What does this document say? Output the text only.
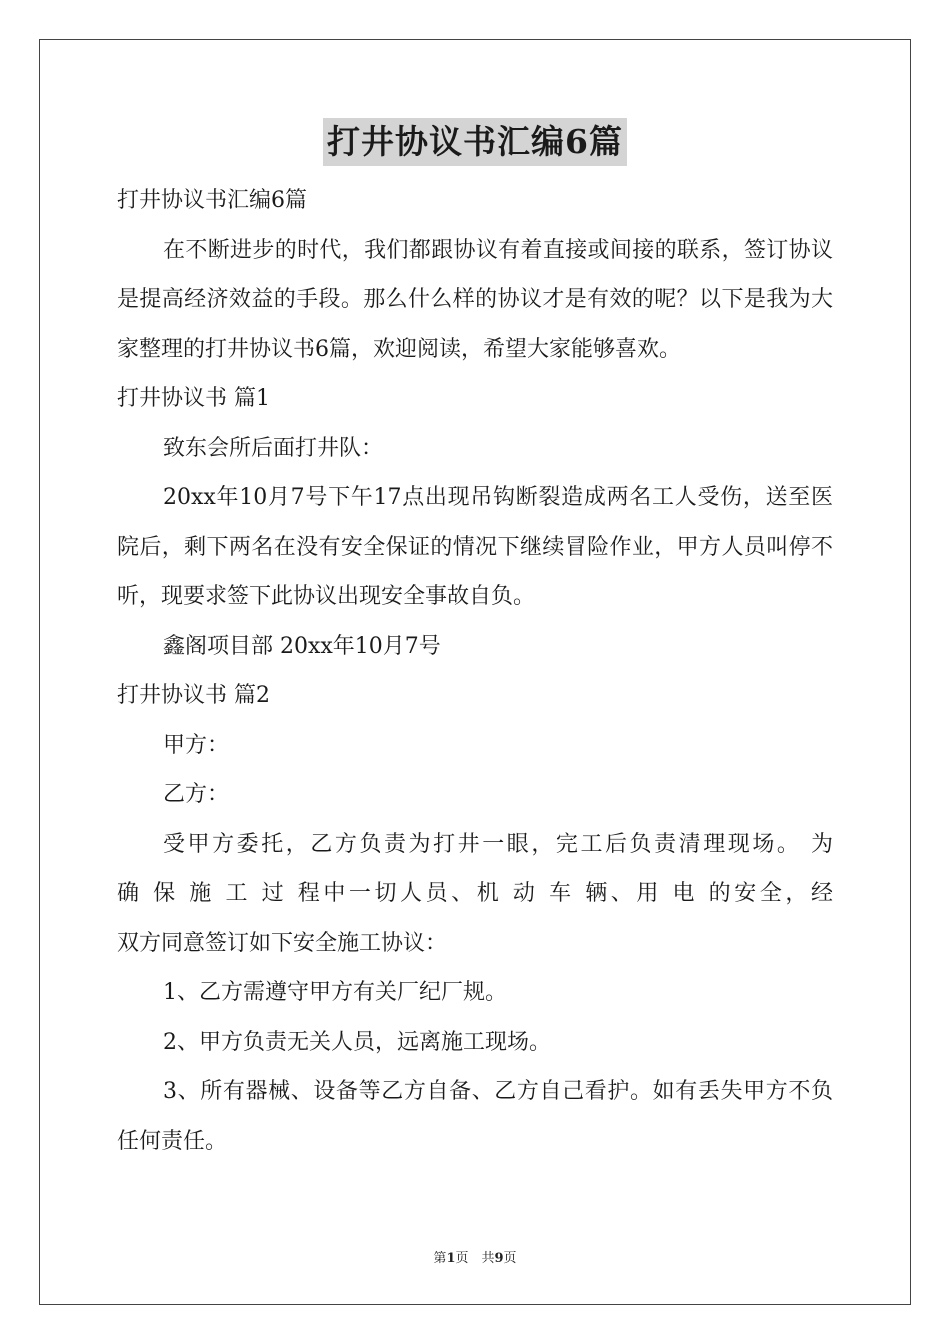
打井协议书汇编6篇

打井协议书汇编6篇

在不断进步的时代，我们都跟协议有着直接或间接的联系，签订协议是提高经济效益的手段。那么什么样的协议才是有效的呢？以下是我为大家整理的打井协议书6篇，欢迎阅读，希望大家能够喜欢。

打井协议书 篇1

致东会所后面打井队：

20xx年10月7号下午17点出现吊钩断裂造成两名工人受伤，送至医院后，剩下两名在没有安全保证的情况下继续冒险作业，甲方人员叫停不听，现要求签下此协议出现安全事故自负。

鑫阁项目部 20xx年10月7号

打井协议书 篇2

甲方：

乙方：

受甲方委托，乙方负责为打井一眼，完工后负责清理现场。 为

确 保 施 工 过 程中一切人员、机 动 车 辆、用 电 的安全，经

双方同意签订如下安全施工协议：

1、乙方需遵守甲方有关厂纪厂规。

2、甲方负责无关人员，远离施工现场。

3、所有器械、设备等乙方自备、乙方自己看护。如有丢失甲方不负任何责任。

第1页　共9页
